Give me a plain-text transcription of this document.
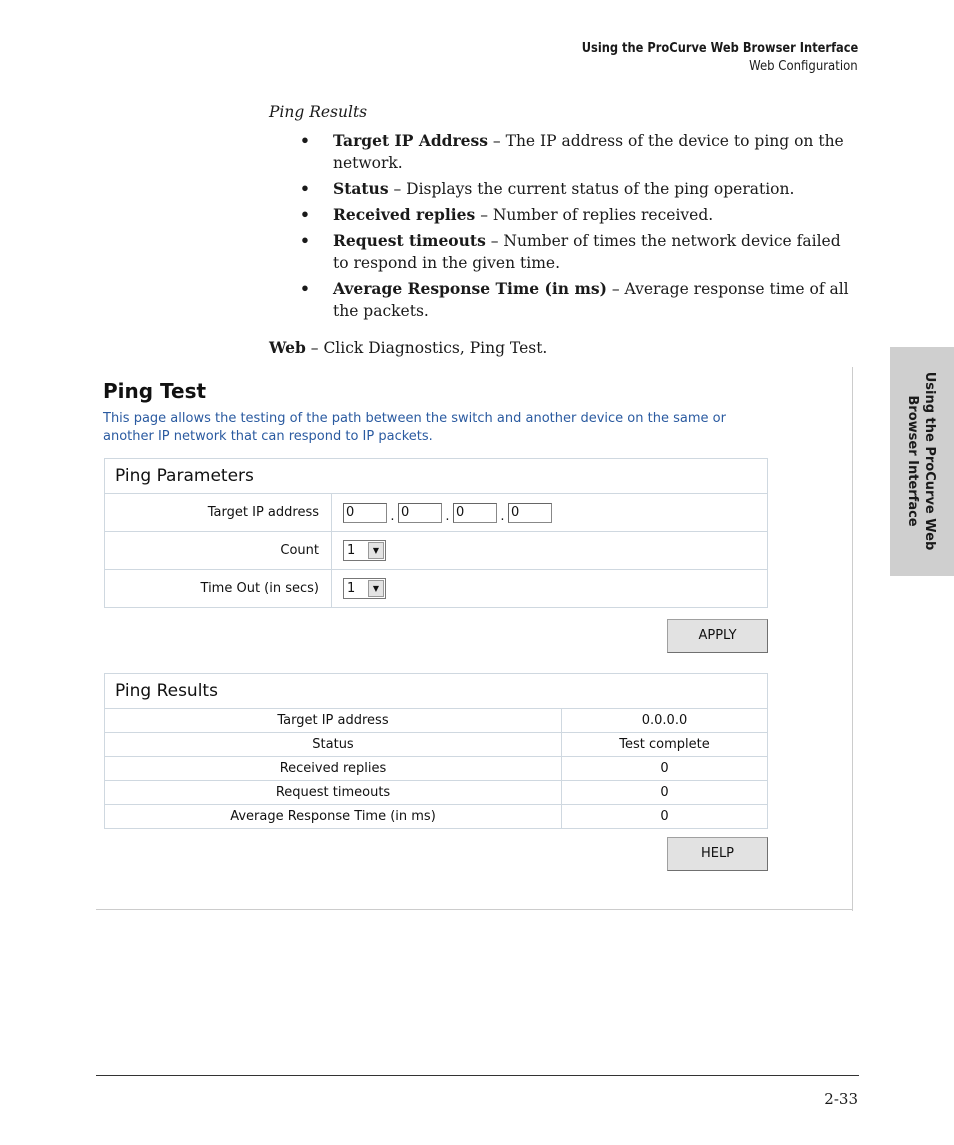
Using the ProCurve Web Browser Interface
Web Configuration
Using the ProCurve Web Browser Interface
Ping Results
• Target IP Address – The IP address of the device to ping on the network.
• Status – Displays the current status of the ping operation.
• Received replies – Number of replies received.
• Request timeouts – Number of times the network device failed to respond in the given time.
• Average Response Time (in ms) – Average response time of all the packets.
Web – Click Diagnostics, Ping Test.
Ping Test
This page allows the testing of the path between the switch and another device on the same or another IP network that can respond to IP packets.
Ping Parameters
Target IP address	0	. 0	. 0	. 0
Count	1	▼
Time Out (in secs)	1	▼
APPLY
Ping Results
Target IP address	0.0.0.0
Status	Test complete
Received replies	0
Request timeouts	0
Average Response Time (in ms)	0
HELP
2-33
